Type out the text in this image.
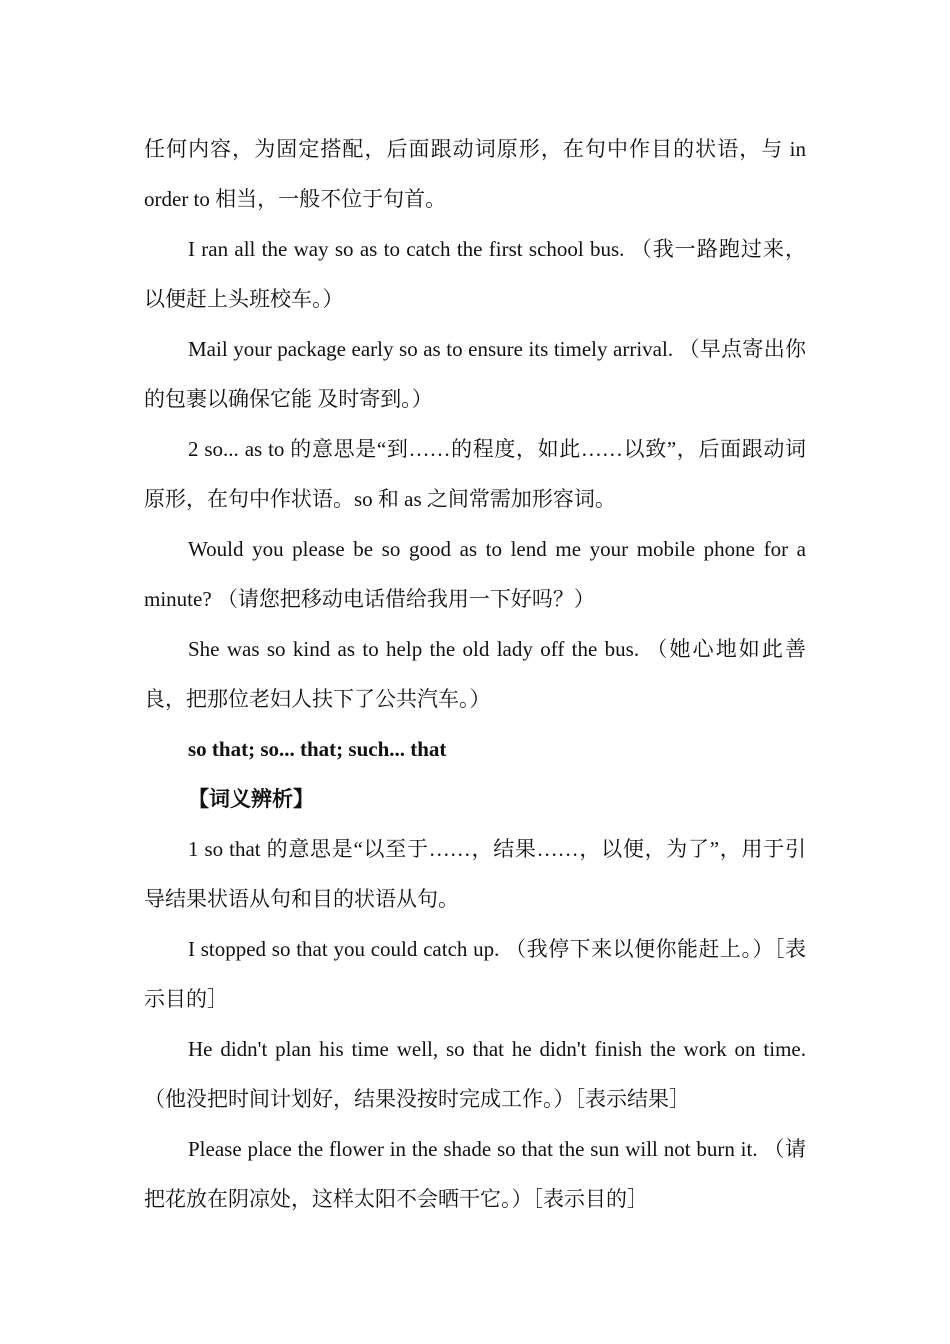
任何内容，为固定搭配，后面跟动词原形，在句中作目的状语，与 in order to 相当，一般不位于句首。

I ran all the way so as to catch the first school bus. （我一路跑过来，以便赶上头班校车。）

Mail your package early so as to ensure its timely arrival. （早点寄出你的包裹以确保它能 及时寄到。）

2 so... as to 的意思是“到……的程度，如此……以致”，后面跟动词原形，在句中作状语。so 和 as 之间常需加形容词。

Would you please be so good as to lend me your mobile phone for a minute? （请您把移动电话借给我用一下好吗？）

She was so kind as to help the old lady off the bus. （她心地如此善良，把那位老妇人扶下了公共汽车。）

so that; so... that; such... that

【词义辨析】

1 so that 的意思是“以至于……，结果……，以便，为了”，用于引导结果状语从句和目的状语从句。

I stopped so that you could catch up. （我停下来以便你能赶上。）［表示目的］

He didn't plan his time well, so that he didn't finish the work on time. （他没把时间计划好，结果没按时完成工作。）［表示结果］

Please place the flower in the shade so that the sun will not burn it. （请把花放在阴凉处，这样太阳不会晒干它。）［表示目的］
